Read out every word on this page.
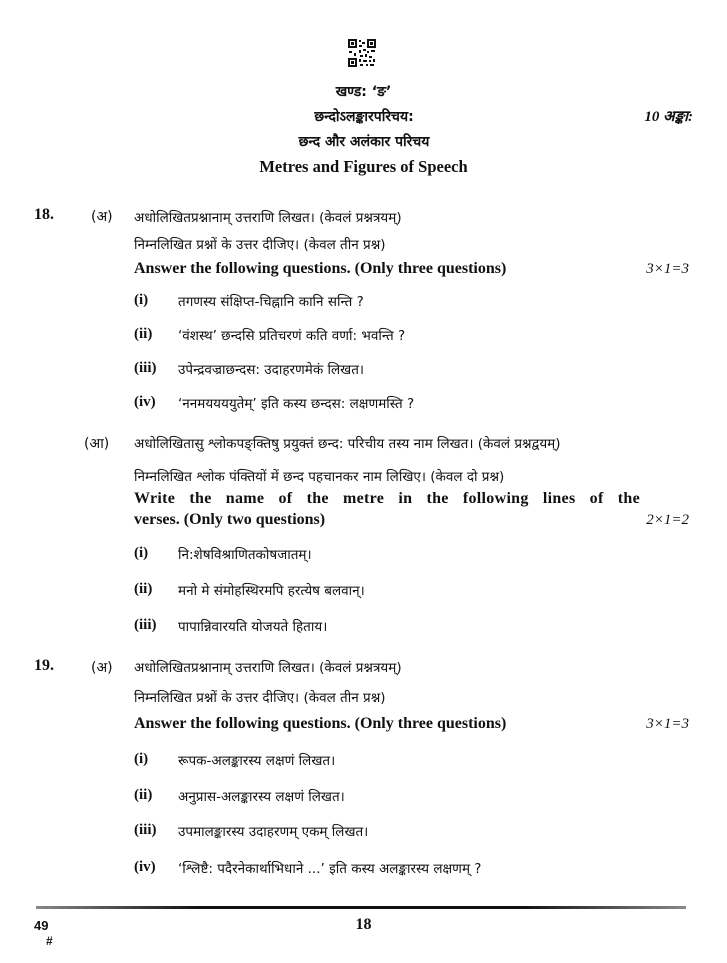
खण्ड: ‘ङ’
छन्दोऽलङ्कारपरिचय:	10 अङ्का:
छन्द और अलंकार परिचय
Metres and Figures of Speech
18.	(अ) अधोलिखितप्रश्नानाम् उत्तराणि लिखत। (केवलं प्रश्नत्रयम्)
निम्नलिखित प्रश्नों के उत्तर दीजिए। (केवल तीन प्रश्न)
Answer the following questions. (Only three questions)	3×1=3
(i) तगणस्य संक्षिप्त-चिह्नानि कानि सन्ति ?
(ii) ‘वंशस्थ’ छन्दसि प्रतिचरणं कति वर्णा: भवन्ति ?
(iii) उपेन्द्रवज्राछन्दस: उदाहरणमेकं लिखत।
(iv) ‘ननमययययुतेम्’ इति कस्य छन्दस: लक्षणमस्ति ?
(आ) अधोलिखितासु श्लोकपङ्क्तिषु प्रयुक्तं छन्द: परिचीय तस्य नाम लिखत। (केवलं प्रश्नद्वयम्)
निम्नलिखित श्लोक पंक्तियों में छन्द पहचानकर नाम लिखिए। (केवल दो प्रश्न)
Write the name of the metre in the following lines of the
verses. (Only two questions)	2×1=2
(i) नि:शेषविश्राणितकोषजातम्।
(ii) मनो मे संमोहस्थिरमपि हरत्येष बलवान्।
(iii) पापान्निवारयति योजयते हिताय।
19.	(अ) अधोलिखितप्रश्नानाम् उत्तराणि लिखत। (केवलं प्रश्नत्रयम्)
निम्नलिखित प्रश्नों के उत्तर दीजिए। (केवल तीन प्रश्न)
Answer the following questions. (Only three questions)	3×1=3
(i) रूपक-अलङ्कारस्य लक्षणं लिखत।
(ii) अनुप्रास-अलङ्कारस्य लक्षणं लिखत।
(iii) उपमालङ्कारस्य उदाहरणम् एकम् लिखत।
(iv) ‘श्लिष्टै: पदैरनेकार्थाभिधाने ...’ इति कस्य अलङ्कारस्य लक्षणम् ?
49
#
18
